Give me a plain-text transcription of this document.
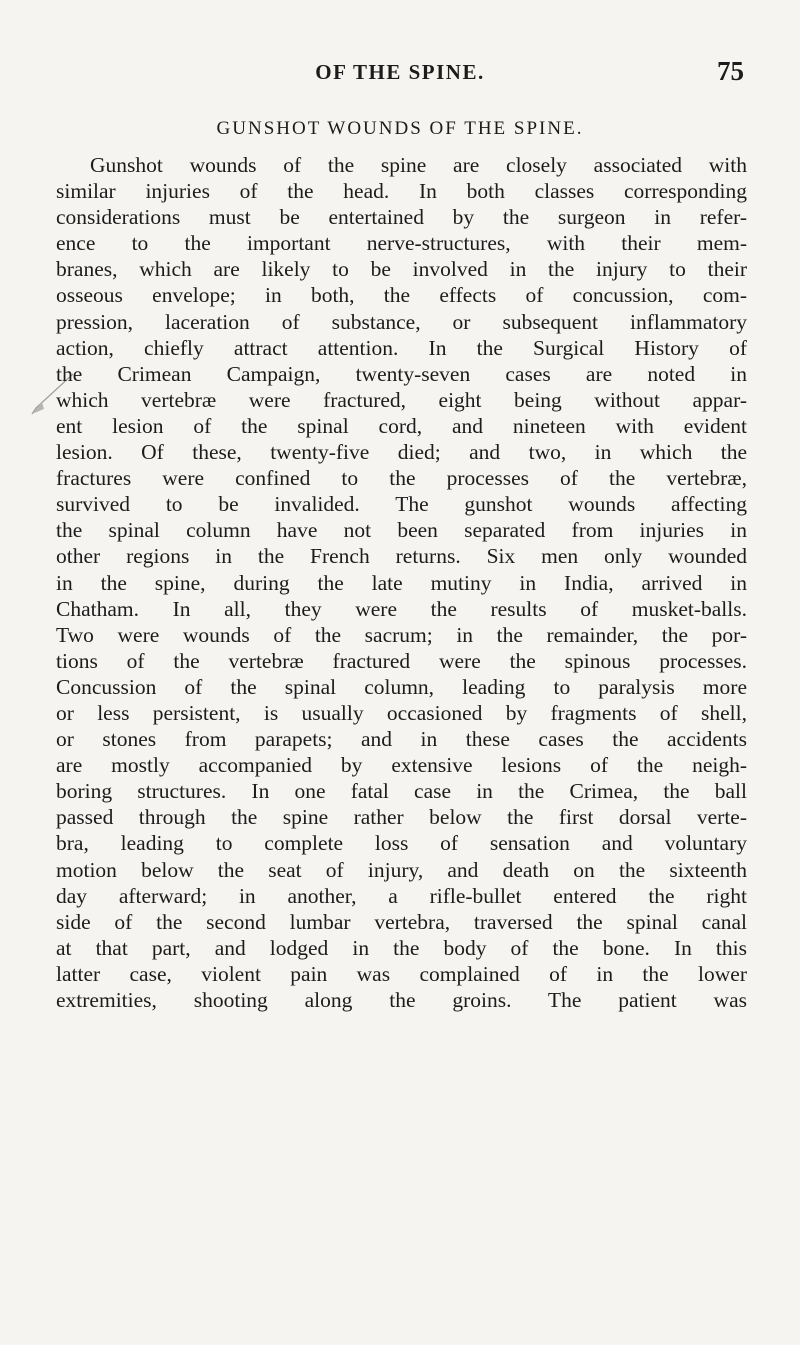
OF THE SPINE.	75
GUNSHOT WOUNDS OF THE SPINE.
Gunshot wounds of the spine are closely associated with
similar injuries of the head. In both classes corresponding
considerations must be entertained by the surgeon in refer-
ence to the important nerve-structures, with their mem-
branes, which are likely to be involved in the injury to their
osseous envelope; in both, the effects of concussion, com-
pression, laceration of substance, or subsequent inflammatory
action, chiefly attract attention. In the Surgical History of
the Crimean Campaign, twenty-seven cases are noted in
which vertebræ were fractured, eight being without appar-
ent lesion of the spinal cord, and nineteen with evident
lesion. Of these, twenty-five died; and two, in which the
fractures were confined to the processes of the vertebræ,
survived to be invalided. The gunshot wounds affecting
the spinal column have not been separated from injuries in
other regions in the French returns. Six men only wounded
in the spine, during the late mutiny in India, arrived in
Chatham. In all, they were the results of musket-balls.
Two were wounds of the sacrum; in the remainder, the por-
tions of the vertebræ fractured were the spinous processes.
Concussion of the spinal column, leading to paralysis more
or less persistent, is usually occasioned by fragments of shell,
or stones from parapets; and in these cases the accidents
are mostly accompanied by extensive lesions of the neigh-
boring structures. In one fatal case in the Crimea, the ball
passed through the spine rather below the first dorsal verte-
bra, leading to complete loss of sensation and voluntary
motion below the seat of injury, and death on the sixteenth
day afterward; in another, a rifle-bullet entered the right
side of the second lumbar vertebra, traversed the spinal canal
at that part, and lodged in the body of the bone. In this
latter case, violent pain was complained of in the lower
extremities, shooting along the groins. The patient was
